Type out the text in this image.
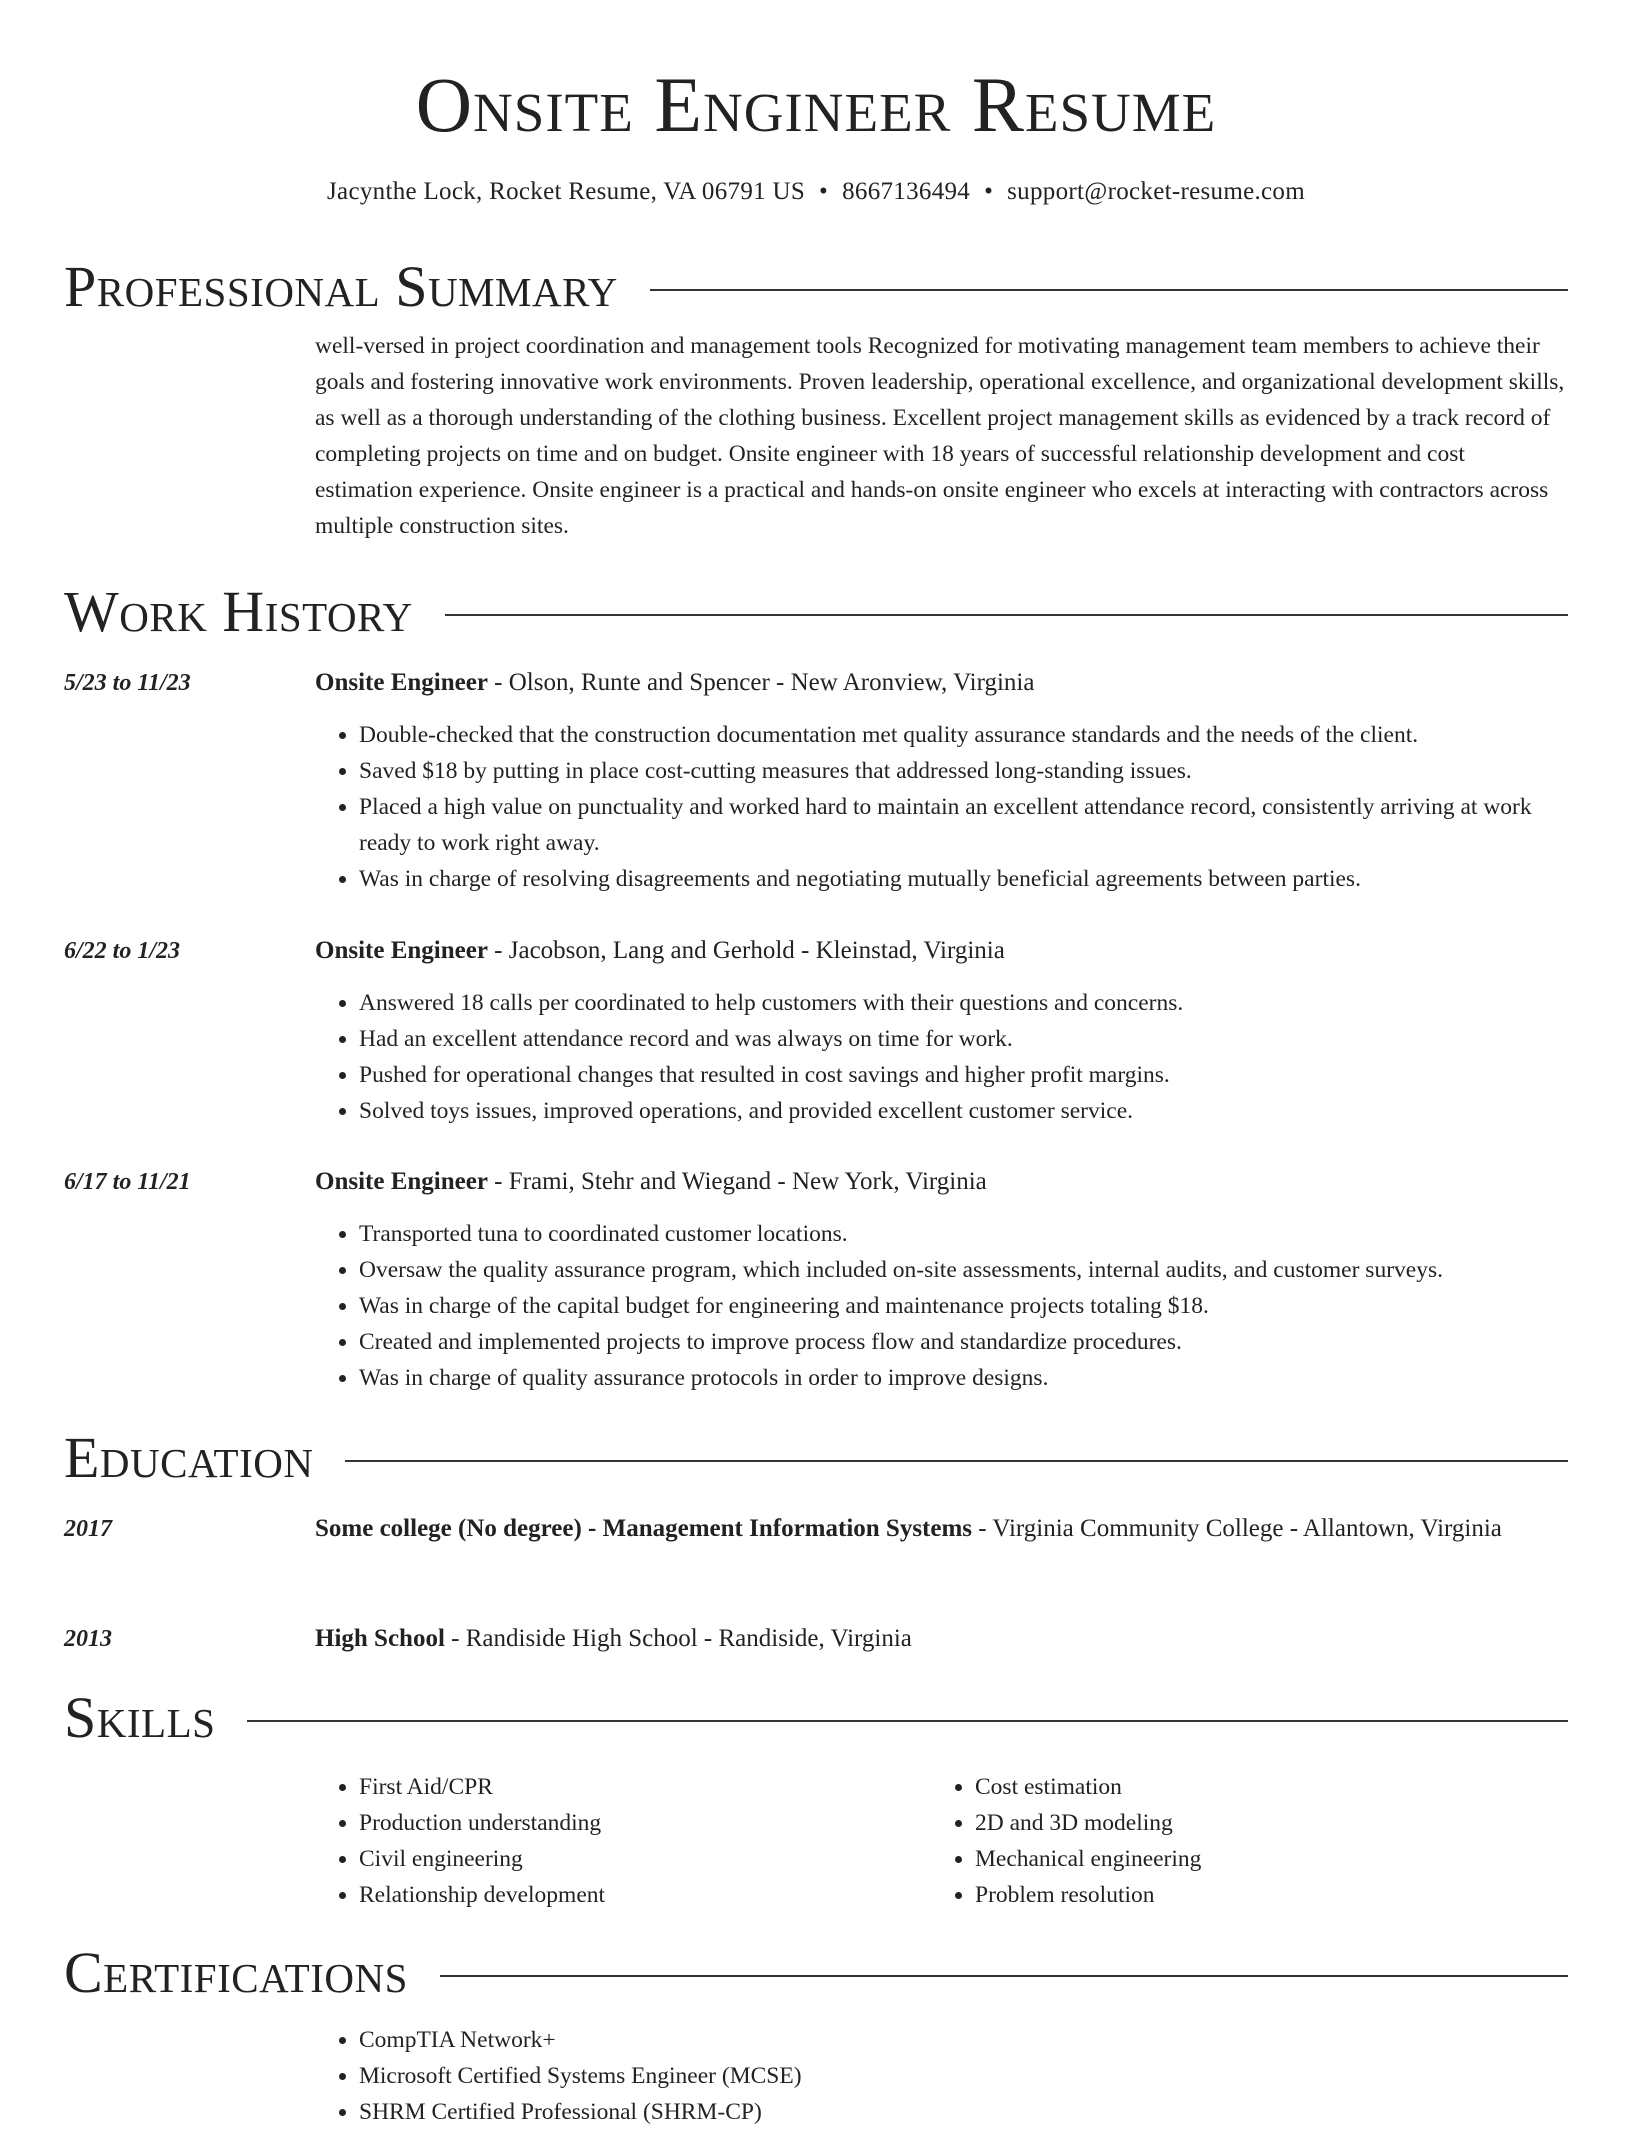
Onsite Engineer Resume
Jacynthe Lock, Rocket Resume, VA 06791 US • 8667136494 • support@rocket-resume.com
Professional Summary
well-versed in project coordination and management tools Recognized for motivating management team members to achieve their goals and fostering innovative work environments. Proven leadership, operational excellence, and organizational development skills, as well as a thorough understanding of the clothing business. Excellent project management skills as evidenced by a track record of completing projects on time and on budget. Onsite engineer with 18 years of successful relationship development and cost estimation experience. Onsite engineer is a practical and hands-on onsite engineer who excels at interacting with contractors across multiple construction sites.
Work History
5/23 to 11/23	Onsite Engineer - Olson, Runte and Spencer - New Aronview, Virginia
• Double-checked that the construction documentation met quality assurance standards and the needs of the client.
• Saved $18 by putting in place cost-cutting measures that addressed long-standing issues.
• Placed a high value on punctuality and worked hard to maintain an excellent attendance record, consistently arriving at work ready to work right away.
• Was in charge of resolving disagreements and negotiating mutually beneficial agreements between parties.
6/22 to 1/23	Onsite Engineer - Jacobson, Lang and Gerhold - Kleinstad, Virginia
• Answered 18 calls per coordinated to help customers with their questions and concerns.
• Had an excellent attendance record and was always on time for work.
• Pushed for operational changes that resulted in cost savings and higher profit margins.
• Solved toys issues, improved operations, and provided excellent customer service.
6/17 to 11/21	Onsite Engineer - Frami, Stehr and Wiegand - New York, Virginia
• Transported tuna to coordinated customer locations.
• Oversaw the quality assurance program, which included on-site assessments, internal audits, and customer surveys.
• Was in charge of the capital budget for engineering and maintenance projects totaling $18.
• Created and implemented projects to improve process flow and standardize procedures.
• Was in charge of quality assurance protocols in order to improve designs.
Education
2017	Some college (No degree) - Management Information Systems - Virginia Community College - Allantown, Virginia
2013	High School - Randiside High School - Randiside, Virginia
Skills
• First Aid/CPR
• Production understanding
• Civil engineering
• Relationship development
• Cost estimation
• 2D and 3D modeling
• Mechanical engineering
• Problem resolution
Certifications
• CompTIA Network+
• Microsoft Certified Systems Engineer (MCSE)
• SHRM Certified Professional (SHRM-CP)
